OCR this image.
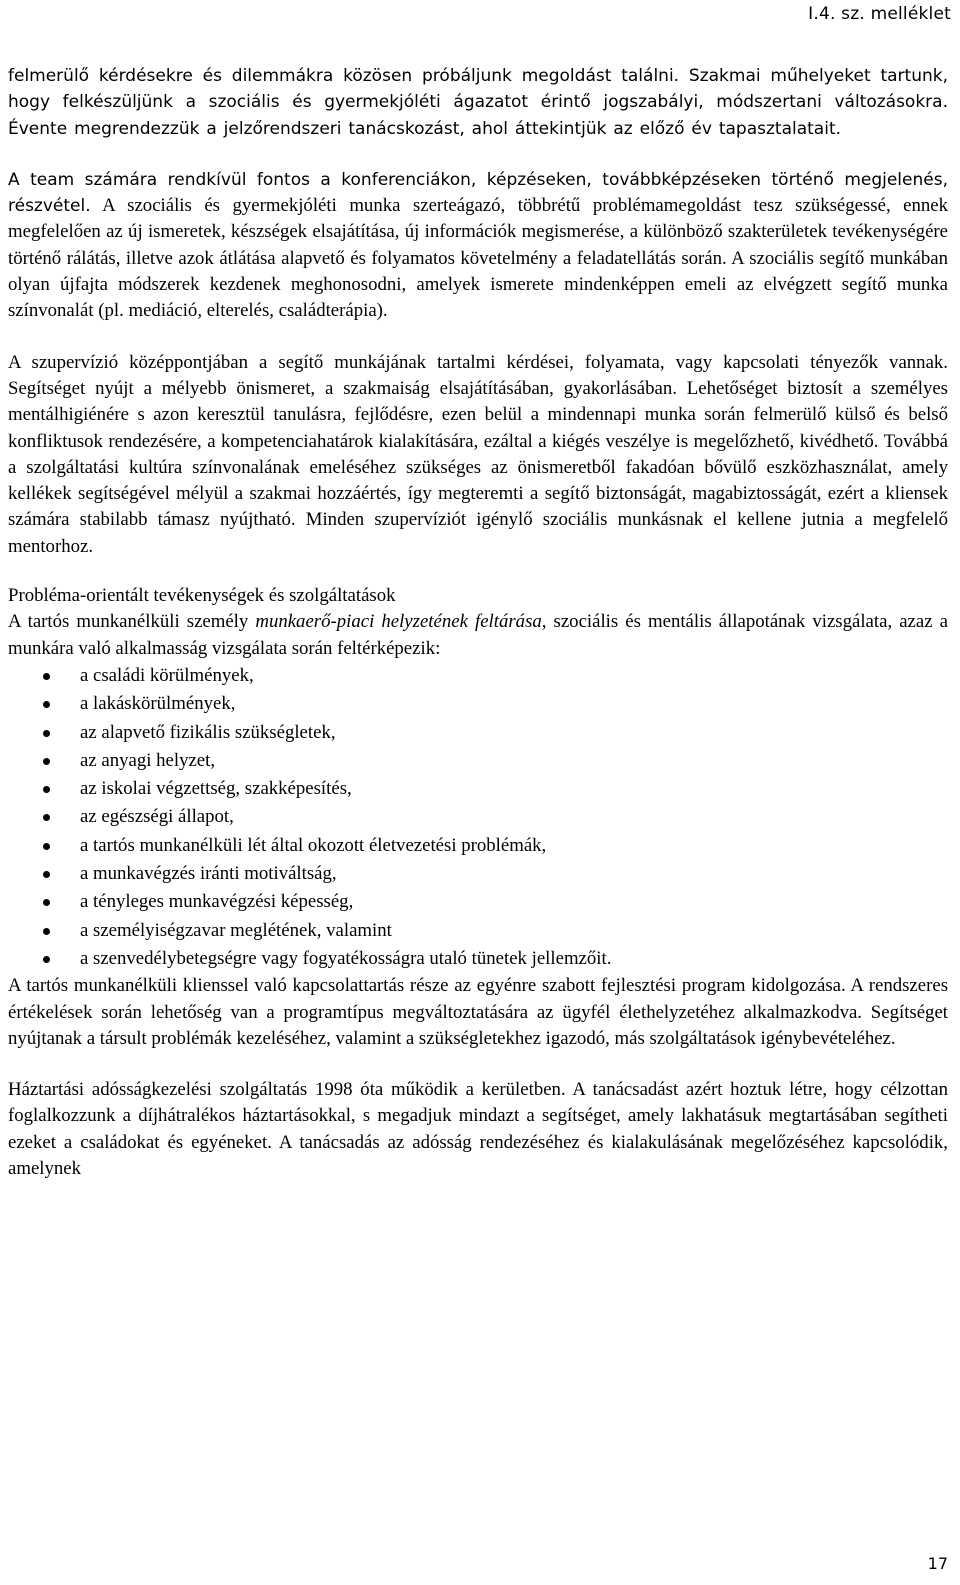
I.4. sz. melléklet

felmerülő kérdésekre és dilemmákra közösen próbáljunk megoldást találni. Szakmai műhelyeket tartunk, hogy felkészüljünk a szociális és gyermekjóléti ágazatot érintő jogszabályi, módszertani változásokra. Évente megrendezzük a jelzőrendszeri tanácskozást, ahol áttekintjük az előző év tapasztalatait.

A team számára rendkívül fontos a konferenciákon, képzéseken, továbbképzéseken történő megjelenés, részvétel. A szociális és gyermekjóléti munka szerteágazó, többrétű problémamegoldást tesz szükségessé, ennek megfelelően az új ismeretek, készségek elsajátítása, új információk megismerése, a különböző szakterületek tevékenységére történő rálátás, illetve azok átlátása alapvető és folyamatos követelmény a feladatellátás során. A szociális segítő munkában olyan újfajta módszerek kezdenek meghonosodni, amelyek ismerete mindenképpen emeli az elvégzett segítő munka színvonalát (pl. mediáció, elterelés, családterápia).

A szupervízió középpontjában a segítő munkájának tartalmi kérdései, folyamata, vagy kapcsolati tényezők vannak. Segítséget nyújt a mélyebb önismeret, a szakmaiság elsajátításában, gyakorlásában. Lehetőséget biztosít a személyes mentálhigiénére s azon keresztül tanulásra, fejlődésre, ezen belül a mindennapi munka során felmerülő külső és belső konfliktusok rendezésére, a kompetenciahatárok kialakítására, ezáltal a kiégés veszélye is megelőzhető, kivédhető. Továbbá a szolgáltatási kultúra színvonalának emeléséhez szükséges az önismeretből fakadóan bővülő eszközhasználat, amely kellékek segítségével mélyül a szakmai hozzáértés, így megteremti a segítő biztonságát, magabiztosságát, ezért a kliensek számára stabilabb támasz nyújtható. Minden szupervíziót igénylő szociális munkásnak el kellene jutnia a megfelelő mentorhoz.

Probléma-orientált tevékenységek és szolgáltatások

A tartós munkanélküli személy munkaerő-piaci helyzetének feltárása, szociális és mentális állapotának vizsgálata, azaz a munkára való alkalmasság vizsgálata során feltérképezik:

a családi körülmények,
a lakáskörülmények,
az alapvető fizikális szükségletek,
az anyagi helyzet,
az iskolai végzettség, szakképesítés,
az egészségi állapot,
a tartós munkanélküli lét által okozott életvezetési problémák,
a munkavégzés iránti motiváltság,
a tényleges munkavégzési képesség,
a személyiségzavar meglétének, valamint
a szenvedélybetegségre vagy fogyatékosságra utaló tünetek jellemzőit.

A tartós munkanélküli klienssel való kapcsolattartás része az egyénre szabott fejlesztési program kidolgozása. A rendszeres értékelések során lehetőség van a programtípus megváltoztatására az ügyfél élethelyzetéhez alkalmazkodva. Segítséget nyújtanak a társult problémák kezeléséhez, valamint a szükségletekhez igazodó, más szolgáltatások igénybevételéhez.

Háztartási adósságkezelési szolgáltatás 1998 óta működik a kerületben. A tanácsadást azért hoztuk létre, hogy célzottan foglalkozzunk a díjhátralékos háztartásokkal, s megadjuk mindazt a segítséget, amely lakhatásuk megtartásában segítheti ezeket a családokat és egyéneket. A tanácsadás az adósság rendezéséhez és kialakulásának megelőzéséhez kapcsolódik, amelynek

17
